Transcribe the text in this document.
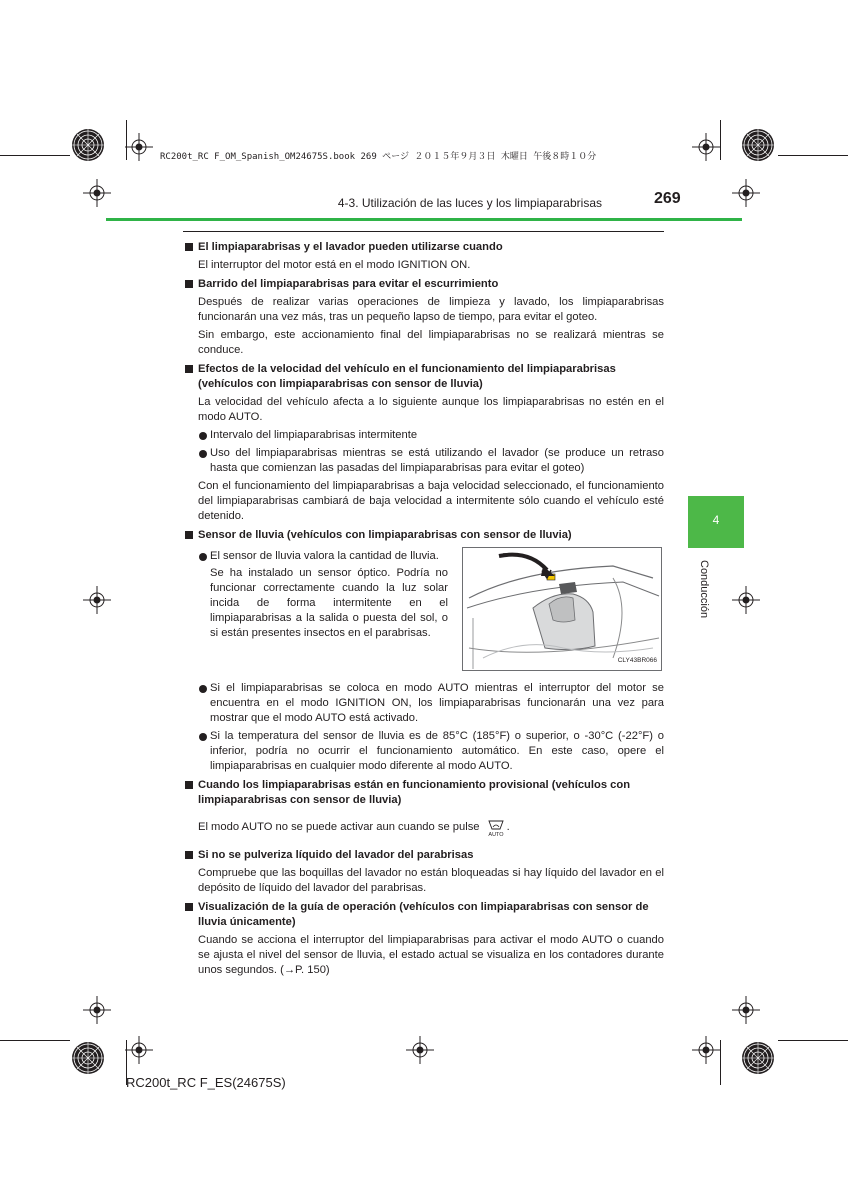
RC200t_RC F_OM_Spanish_OM24675S.book 269 ページ ２０１５年９月３日 木曜日 午後８時１０分
4-3. Utilización de las luces y los limpiaparabrisas	269
4
Conducción
El limpiaparabrisas y el lavador pueden utilizarse cuando
El interruptor del motor está en el modo IGNITION ON.
Barrido del limpiaparabrisas para evitar el escurrimiento
Después de realizar varias operaciones de limpieza y lavado, los limpiaparabrisas funcionarán una vez más, tras un pequeño lapso de tiempo, para evitar el goteo.
Sin embargo, este accionamiento final del limpiaparabrisas no se realizará mientras se conduce.
Efectos de la velocidad del vehículo en el funcionamiento del limpiaparabrisas (vehículos con limpiaparabrisas con sensor de lluvia)
La velocidad del vehículo afecta a lo siguiente aunque los limpiaparabrisas no estén en el modo AUTO.
Intervalo del limpiaparabrisas intermitente
Uso del limpiaparabrisas mientras se está utilizando el lavador (se produce un retraso hasta que comienzan las pasadas del limpiaparabrisas para evitar el goteo)
Con el funcionamiento del limpiaparabrisas a baja velocidad seleccionado, el funcionamiento del limpiaparabrisas cambiará de baja velocidad a intermitente sólo cuando el vehículo esté detenido.
Sensor de lluvia (vehículos con limpiaparabrisas con sensor de lluvia)
El sensor de lluvia valora la cantidad de lluvia.
Se ha instalado un sensor óptico. Podría no funcionar correctamente cuando la luz solar incida de forma intermitente en el limpiaparabrisas a la salida o puesta del sol, o si están presentes insectos en el parabrisas.
CLY43BR066
Si el limpiaparabrisas se coloca en modo AUTO mientras el interruptor del motor se encuentra en el modo IGNITION ON, los limpiaparabrisas funcionarán una vez para mostrar que el modo AUTO está activado.
Si la temperatura del sensor de lluvia es de 85°C (185°F) o superior, o -30°C (-22°F) o inferior, podría no ocurrir el funcionamiento automático. En este caso, opere el limpiaparabrisas en cualquier modo diferente al modo AUTO.
Cuando los limpiaparabrisas están en funcionamiento provisional (vehículos con limpiaparabrisas con sensor de lluvia)
El modo AUTO no se puede activar aun cuando se pulse
AUTO
.
Si no se pulveriza líquido del lavador del parabrisas
Compruebe que las boquillas del lavador no están bloqueadas si hay líquido del lavador en el depósito de líquido del lavador del parabrisas.
Visualización de la guía de operación (vehículos con limpiaparabrisas con sensor de lluvia únicamente)
Cuando se acciona el interruptor del limpiaparabrisas para activar el modo AUTO o cuando se ajusta el nivel del sensor de lluvia, el estado actual se visualiza en los contadores durante unos segundos. (→P. 150)
RC200t_RC F_ES(24675S)
